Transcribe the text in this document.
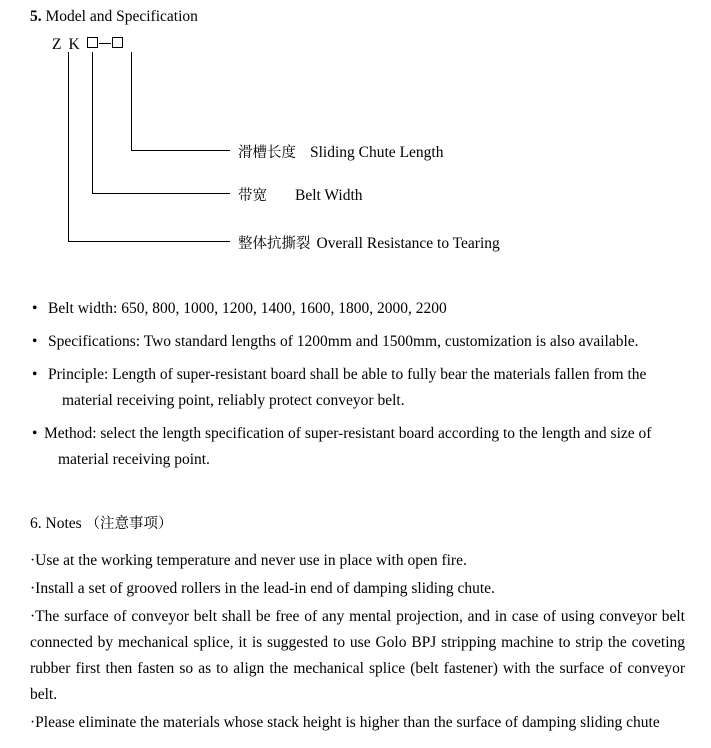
5. Model and Specification
Z K
滑槽长度 Sliding Chute Length
带宽 Belt Width
整体抗撕裂 Overall Resistance to Tearing
• Belt width: 650, 800, 1000, 1200, 1400, 1600, 1800, 2000, 2200
• Specifications: Two standard lengths of 1200mm and 1500mm, customization is also available.
• Principle: Length of super-resistant board shall be able to fully bear the materials fallen from the
material receiving point, reliably protect conveyor belt.
• Method: select the length specification of super-resistant board according to the length and size of
material receiving point.
6. Notes （注意事项）
·Use at the working temperature and never use in place with open fire.
·Install a set of grooved rollers in the lead-in end of damping sliding chute.
·The surface of conveyor belt shall be free of any mental projection, and in case of using conveyor belt connected by mechanical splice, it is suggested to use Golo BPJ stripping machine to strip the coveting rubber first then fasten so as to align the mechanical splice (belt fastener) with the surface of conveyor belt.
·Please eliminate the materials whose stack height is higher than the surface of damping sliding chute
